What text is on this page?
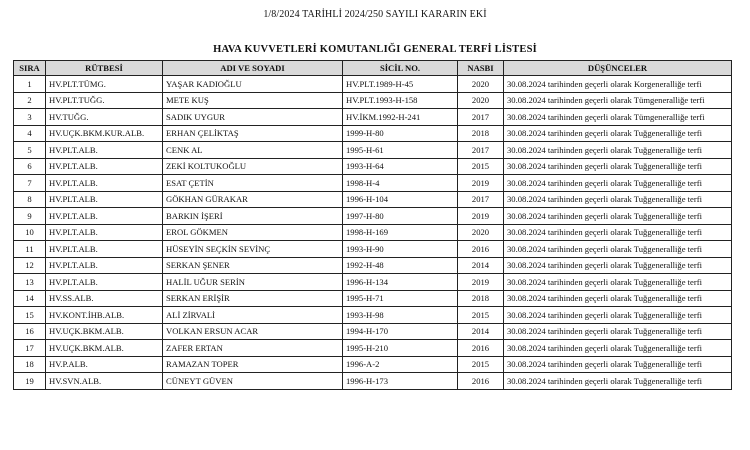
1/8/2024 TARİHLİ 2024/250 SAYILI KARARIN EKİ
HAVA KUVVETLERİ KOMUTANLIĞI GENERAL TERFİ LİSTESİ
SIRA	RÜTBESİ	ADI VE SOYADI	SİCİL NO.	NASBI	DÜŞÜNCELER
1	HV.PLT.TÜMG.	YAŞAR KADIOĞLU	HV.PLT.1989-H-45	2020	30.08.2024 tarihinden geçerli olarak Korgeneralliğe terfi
2	HV.PLT.TUĞG.	METE KUŞ	HV.PLT.1993-H-158	2020	30.08.2024 tarihinden geçerli olarak Tümgeneralliğe terfi
3	HV.TUĞG.	SADIK UYGUR	HV.İKM.1992-H-241	2017	30.08.2024 tarihinden geçerli olarak Tümgeneralliğe terfi
4	HV.UÇK.BKM.KUR.ALB.	ERHAN ÇELİKTAŞ	1999-H-80	2018	30.08.2024 tarihinden geçerli olarak Tuğgeneralliğe terfi
5	HV.PLT.ALB.	CENK AL	1995-H-61	2017	30.08.2024 tarihinden geçerli olarak Tuğgeneralliğe terfi
6	HV.PLT.ALB.	ZEKİ KOLTUKOĞLU	1993-H-64	2015	30.08.2024 tarihinden geçerli olarak Tuğgeneralliğe terfi
7	HV.PLT.ALB.	ESAT ÇETİN	1998-H-4	2019	30.08.2024 tarihinden geçerli olarak Tuğgeneralliğe terfi
8	HV.PLT.ALB.	GÖKHAN GÜRAKAR	1996-H-104	2017	30.08.2024 tarihinden geçerli olarak Tuğgeneralliğe terfi
9	HV.PLT.ALB.	BARKIN İŞERİ	1997-H-80	2019	30.08.2024 tarihinden geçerli olarak Tuğgeneralliğe terfi
10	HV.PLT.ALB.	EROL GÖKMEN	1998-H-169	2020	30.08.2024 tarihinden geçerli olarak Tuğgeneralliğe terfi
11	HV.PLT.ALB.	HÜSEYİN SEÇKİN SEVİNÇ	1993-H-90	2016	30.08.2024 tarihinden geçerli olarak Tuğgeneralliğe terfi
12	HV.PLT.ALB.	SERKAN ŞENER	1992-H-48	2014	30.08.2024 tarihinden geçerli olarak Tuğgeneralliğe terfi
13	HV.PLT.ALB.	HALİL UĞUR SERİN	1996-H-134	2019	30.08.2024 tarihinden geçerli olarak Tuğgeneralliğe terfi
14	HV.SS.ALB.	SERKAN ERİŞİR	1995-H-71	2018	30.08.2024 tarihinden geçerli olarak Tuğgeneralliğe terfi
15	HV.KONT.İHB.ALB.	ALİ ZİRVALİ	1993-H-98	2015	30.08.2024 tarihinden geçerli olarak Tuğgeneralliğe terfi
16	HV.UÇK.BKM.ALB.	VOLKAN ERSUN ACAR	1994-H-170	2014	30.08.2024 tarihinden geçerli olarak Tuğgeneralliğe terfi
17	HV.UÇK.BKM.ALB.	ZAFER ERTAN	1995-H-210	2016	30.08.2024 tarihinden geçerli olarak Tuğgeneralliğe terfi
18	HV.P.ALB.	RAMAZAN TOPER	1996-A-2	2015	30.08.2024 tarihinden geçerli olarak Tuğgeneralliğe terfi
19	HV.SVN.ALB.	CÜNEYT GÜVEN	1996-H-173	2016	30.08.2024 tarihinden geçerli olarak Tuğgeneralliğe terfi
